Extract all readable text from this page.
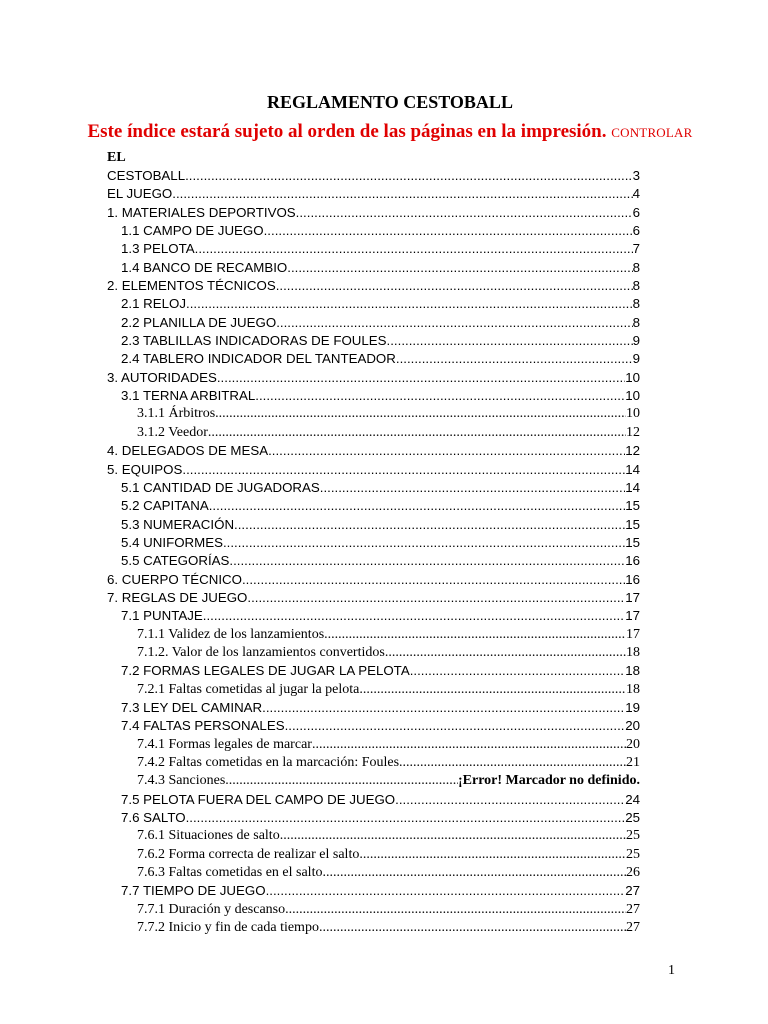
REGLAMENTO CESTOBALL
Este índice estará sujeto al orden de las páginas en la impresión. CONTROLAR
EL
CESTOBALL .....	3
EL JUEGO .....	4
1. MATERIALES DEPORTIVOS .....	6
1.1 CAMPO DE JUEGO .....	6
1.3 PELOTA .....	7
1.4 BANCO DE RECAMBIO .....	8
2. ELEMENTOS TÉCNICOS .....	8
2.1 RELOJ .....	8
2.2 PLANILLA DE JUEGO .....	8
2.3 TABLILLAS INDICADORAS DE FOULES .....	9
2.4 TABLERO INDICADOR DEL TANTEADOR .....	9
3. AUTORIDADES .....	10
3.1 TERNA ARBITRAL .....	10
3.1.1 Árbitros .....	10
3.1.2 Veedor .....	12
4. DELEGADOS DE MESA .....	12
5. EQUIPOS .....	14
5.1 CANTIDAD DE JUGADORAS .....	14
5.2 CAPITANA .....	15
5.3 NUMERACIÓN .....	15
5.4 UNIFORMES .....	15
5.5 CATEGORÍAS .....	16
6. CUERPO TÉCNICO .....	16
7. REGLAS DE JUEGO .....	17
7.1 PUNTAJE .....	17
7.1.1 Validez de los lanzamientos .....	17
7.1.2. Valor de los lanzamientos convertidos .....	18
7.2 FORMAS LEGALES DE JUGAR LA PELOTA .....	18
7.2.1 Faltas cometidas al jugar la pelota .....	18
7.3 LEY DEL CAMINAR .....	19
7.4 FALTAS PERSONALES .....	20
7.4.1 Formas legales de marcar .....	20
7.4.2 Faltas cometidas en la marcación: Foules .....	21
7.4.3 Sanciones .....	¡Error! Marcador no definido.
7.5 PELOTA FUERA DEL CAMPO DE JUEGO .....	24
7.6 SALTO .....	25
7.6.1 Situaciones de salto .....	25
7.6.2 Forma correcta de realizar el salto .....	25
7.6.3 Faltas cometidas en el salto .....	26
7.7 TIEMPO DE JUEGO .....	27
7.7.1 Duración y descanso .....	27
7.7.2 Inicio y fin de cada tiempo .....	27
1
